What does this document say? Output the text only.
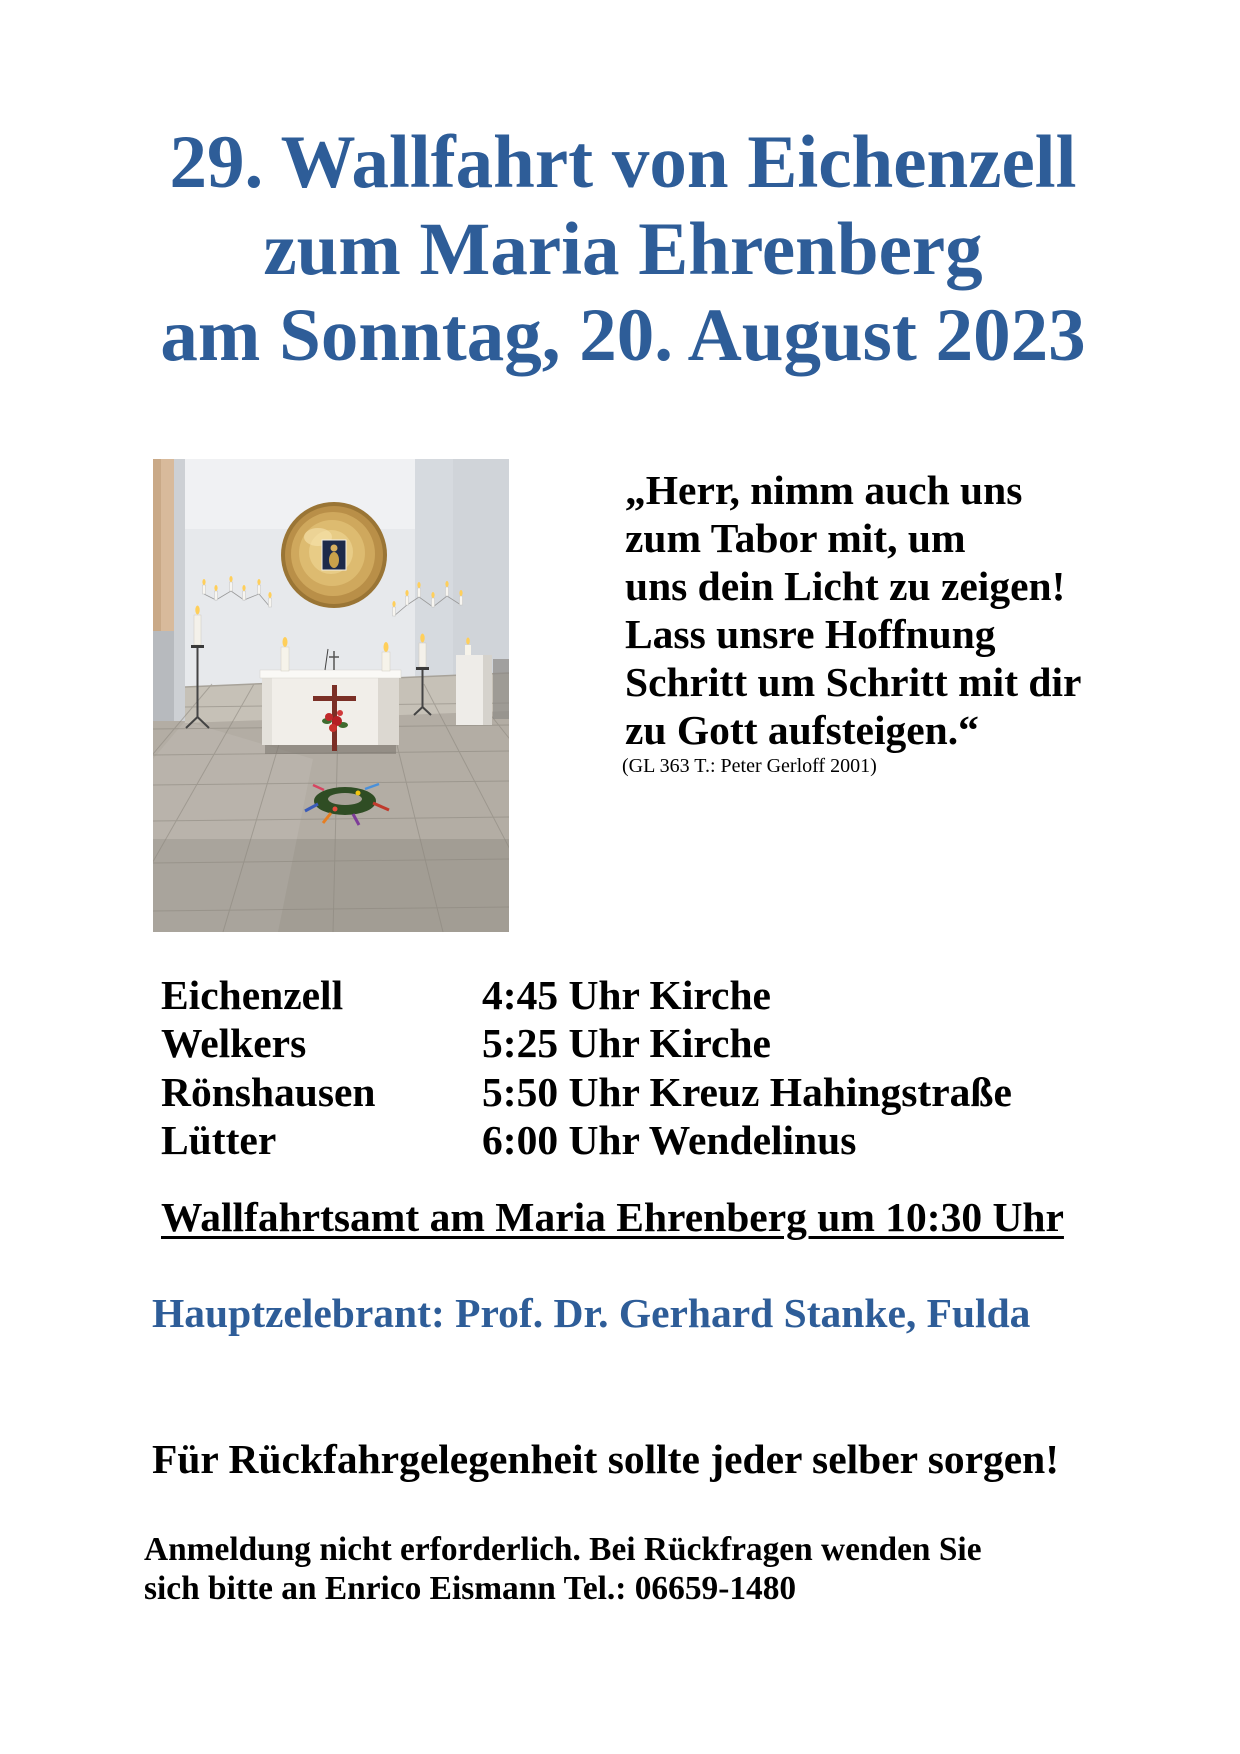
29. Wallfahrt von Eichenzell
zum Maria Ehrenberg
am Sonntag, 20. August 2023
„Herr, nimm auch uns
zum Tabor mit, um
uns dein Licht zu zeigen!
Lass unsre Hoffnung
Schritt um Schritt mit dir
zu Gott aufsteigen.“
(GL 363 T.: Peter Gerloff 2001)
Eichenzell	4:45 Uhr Kirche
Welkers	5:25 Uhr Kirche
Rönshausen	5:50 Uhr Kreuz Hahingstraße
Lütter	6:00 Uhr Wendelinus
Wallfahrtsamt am Maria Ehrenberg um 10:30 Uhr
Hauptzelebrant: Prof. Dr. Gerhard Stanke, Fulda
Für Rückfahrgelegenheit sollte jeder selber sorgen!
Anmeldung nicht erforderlich. Bei Rückfragen wenden Sie
sich bitte an Enrico Eismann Tel.: 06659-1480
